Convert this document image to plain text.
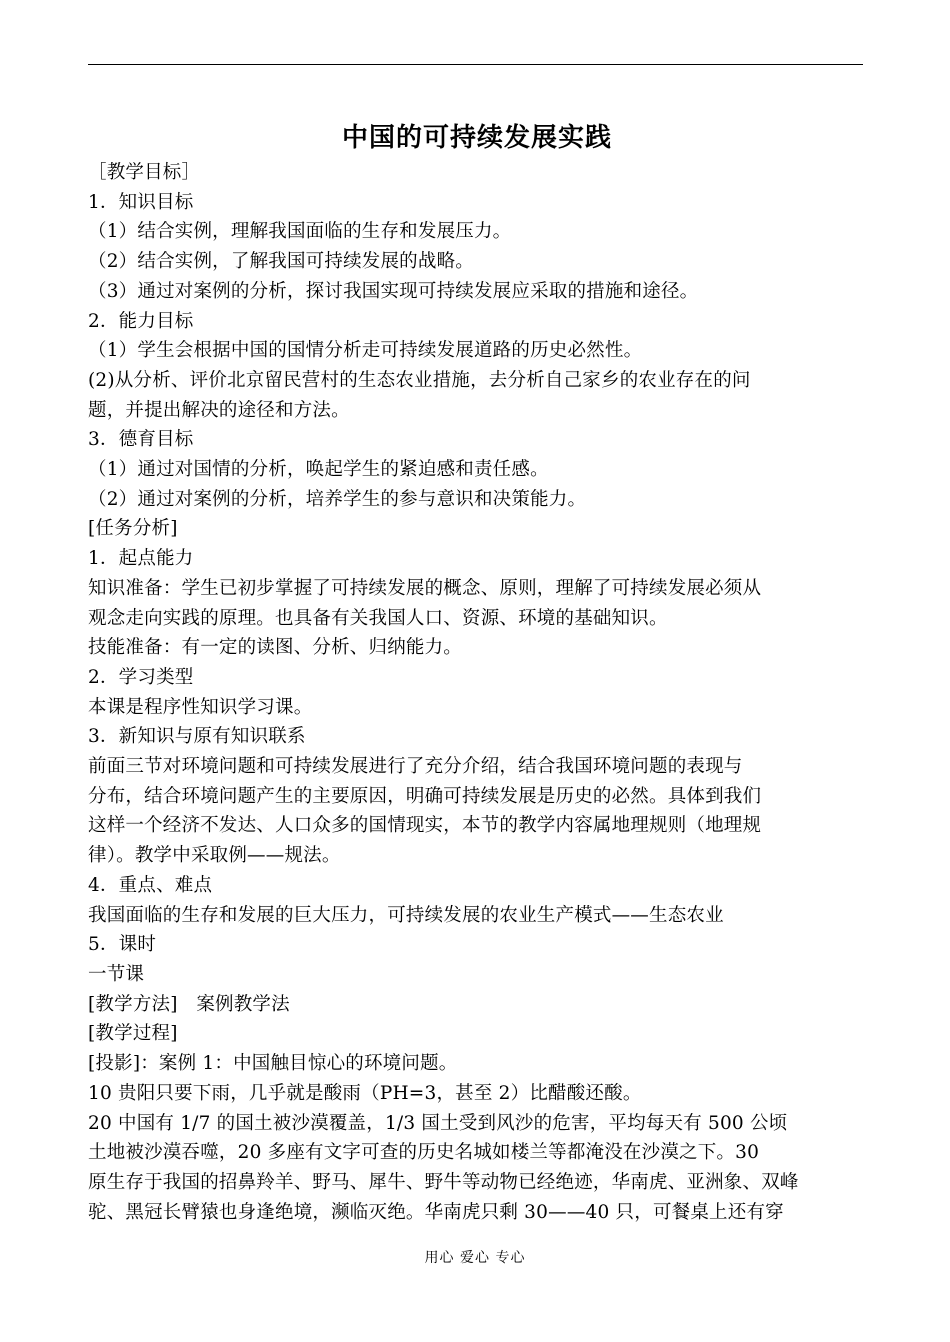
中国的可持续发展实践
［教学目标］
1．知识目标
（1）结合实例，理解我国面临的生存和发展压力。
（2）结合实例，了解我国可持续发展的战略。
（3）通过对案例的分析，探讨我国实现可持续发展应采取的措施和途径。
2．能力目标
（1）学生会根据中国的国情分析走可持续发展道路的历史必然性。
(2)从分析、评价北京留民营村的生态农业措施，去分析自己家乡的农业存在的问
题，并提出解决的途径和方法。
3．德育目标
（1）通过对国情的分析，唤起学生的紧迫感和责任感。
（2）通过对案例的分析，培养学生的参与意识和决策能力。
[任务分析]
1．起点能力
知识准备：学生已初步掌握了可持续发展的概念、原则，理解了可持续发展必须从
观念走向实践的原理。也具备有关我国人口、资源、环境的基础知识。
技能准备：有一定的读图、分析、归纳能力。
2．学习类型
本课是程序性知识学习课。
3．新知识与原有知识联系
前面三节对环境问题和可持续发展进行了充分介绍，结合我国环境问题的表现与
分布，结合环境问题产生的主要原因，明确可持续发展是历史的必然。具体到我们
这样一个经济不发达、人口众多的国情现实，本节的教学内容属地理规则（地理规
律）。教学中采取例——规法。
4．重点、难点
我国面临的生存和发展的巨大压力，可持续发展的农业生产模式——生态农业
5．课时
一节课
[教学方法]　案例教学法
[教学过程]
[投影]：案例 1：中国触目惊心的环境问题。
10 贵阳只要下雨，几乎就是酸雨（PH=3，甚至 2）比醋酸还酸。
20 中国有 1/7 的国土被沙漠覆盖，1/3 国土受到风沙的危害，平均每天有 500 公顷
土地被沙漠吞噬，20 多座有文字可查的历史名城如楼兰等都淹没在沙漠之下。30
原生存于我国的招鼻羚羊、野马、犀牛、野牛等动物已经绝迹，华南虎、亚洲象、双峰
驼、黑冠长臂猿也身逢绝境，濒临灭绝。华南虎只剩 30——40 只，可餐桌上还有穿
用心 爱心 专心
